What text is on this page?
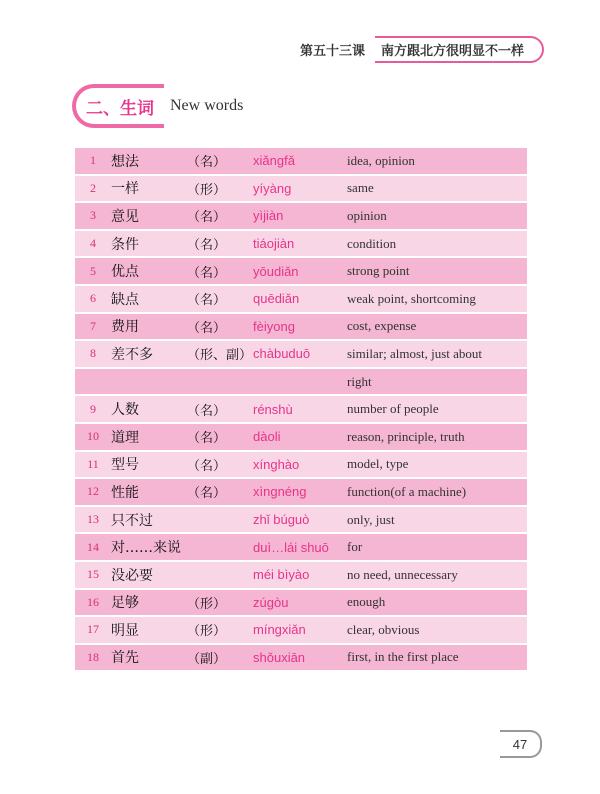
第五十三课	南方跟北方很明显不一样
二、生词	New words
1	想法	（名）	xiǎngfǎ	idea, opinion
2	一样	（形）	yíyàng	same
3	意见	（名）	yìjiàn	opinion
4	条件	（名）	tiáojiàn	condition
5	优点	（名）	yōudiǎn	strong point
6	缺点	（名）	quēdiǎn	weak point, shortcoming
7	费用	（名）	fèiyong	cost, expense
8	差不多	（形、副）	chàbuduō	similar; almost, just about
				right
9	人数	（名）	rénshù	number of people
10	道理	（名）	dàoli	reason, principle, truth
11	型号	（名）	xínghào	model, type
12	性能	（名）	xìngnéng	function(of a machine)
13	只不过		zhǐ búguò	only, just
14	对……来说		duì…lái shuō	for
15	没必要		méi bìyào	no need, unnecessary
16	足够	（形）	zúgòu	enough
17	明显	（形）	míngxiǎn	clear, obvious
18	首先	（副）	shǒuxiān	first, in the first place
47
